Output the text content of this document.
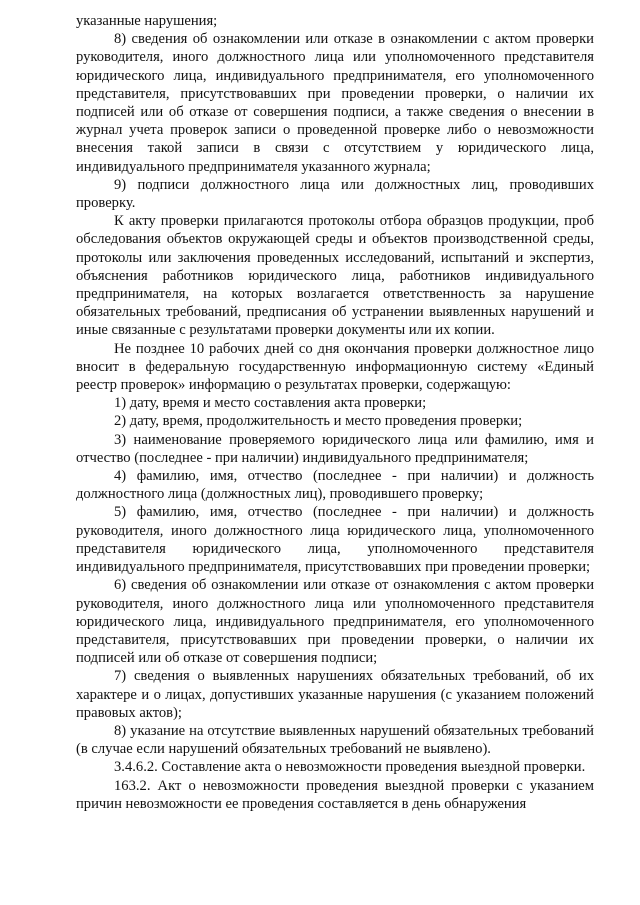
указанные нарушения;

8) сведения об ознакомлении или отказе в ознакомлении с актом проверки руководителя, иного должностного лица или уполномоченного представителя юридического лица, индивидуального предпринимателя, его уполномоченного представителя, присутствовавших при проведении проверки, о наличии их подписей или об отказе от совершения подписи, а также сведения о внесении в журнал учета проверок записи о проведенной проверке либо о невозможности внесения такой записи в связи с отсутствием у юридического лица, индивидуального предпринимателя указанного журнала;

9) подписи должностного лица или должностных лиц, проводивших проверку.

К акту проверки прилагаются протоколы отбора образцов продукции, проб обследования объектов окружающей среды и объектов производственной среды, протоколы или заключения проведенных исследований, испытаний и экспертиз, объяснения работников юридического лица, работников индивидуального предпринимателя, на которых возлагается ответственность за нарушение обязательных требований, предписания об устранении выявленных нарушений и иные связанные с результатами проверки документы или их копии.

Не позднее 10 рабочих дней со дня окончания проверки должностное лицо вносит в федеральную государственную информационную систему «Единый реестр проверок» информацию о результатах проверки, содержащую:

1) дату, время и место составления акта проверки;

2) дату, время, продолжительность и место проведения проверки;

3) наименование проверяемого юридического лица или фамилию, имя и отчество (последнее - при наличии) индивидуального предпринимателя;

4) фамилию, имя, отчество (последнее - при наличии) и должность должностного лица (должностных лиц), проводившего проверку;

5) фамилию, имя, отчество (последнее - при наличии) и должность руководителя, иного должностного лица юридического лица, уполномоченного представителя юридического лица, уполномоченного представителя индивидуального предпринимателя, присутствовавших при проведении проверки;

6) сведения об ознакомлении или отказе от ознакомления с актом проверки руководителя, иного должностного лица или уполномоченного представителя юридического лица, индивидуального предпринимателя, его уполномоченного представителя, присутствовавших при проведении проверки, о наличии их подписей или об отказе от совершения подписи;

7) сведения о выявленных нарушениях обязательных требований, об их характере и о лицах, допустивших указанные нарушения (с указанием положений правовых актов);

8) указание на отсутствие выявленных нарушений обязательных требований (в случае если нарушений обязательных требований не выявлено).

3.4.6.2. Составление акта о невозможности проведения выездной проверки.

163.2. Акт о невозможности проведения выездной проверки с указанием причин невозможности ее проведения составляется в день обнаружения
